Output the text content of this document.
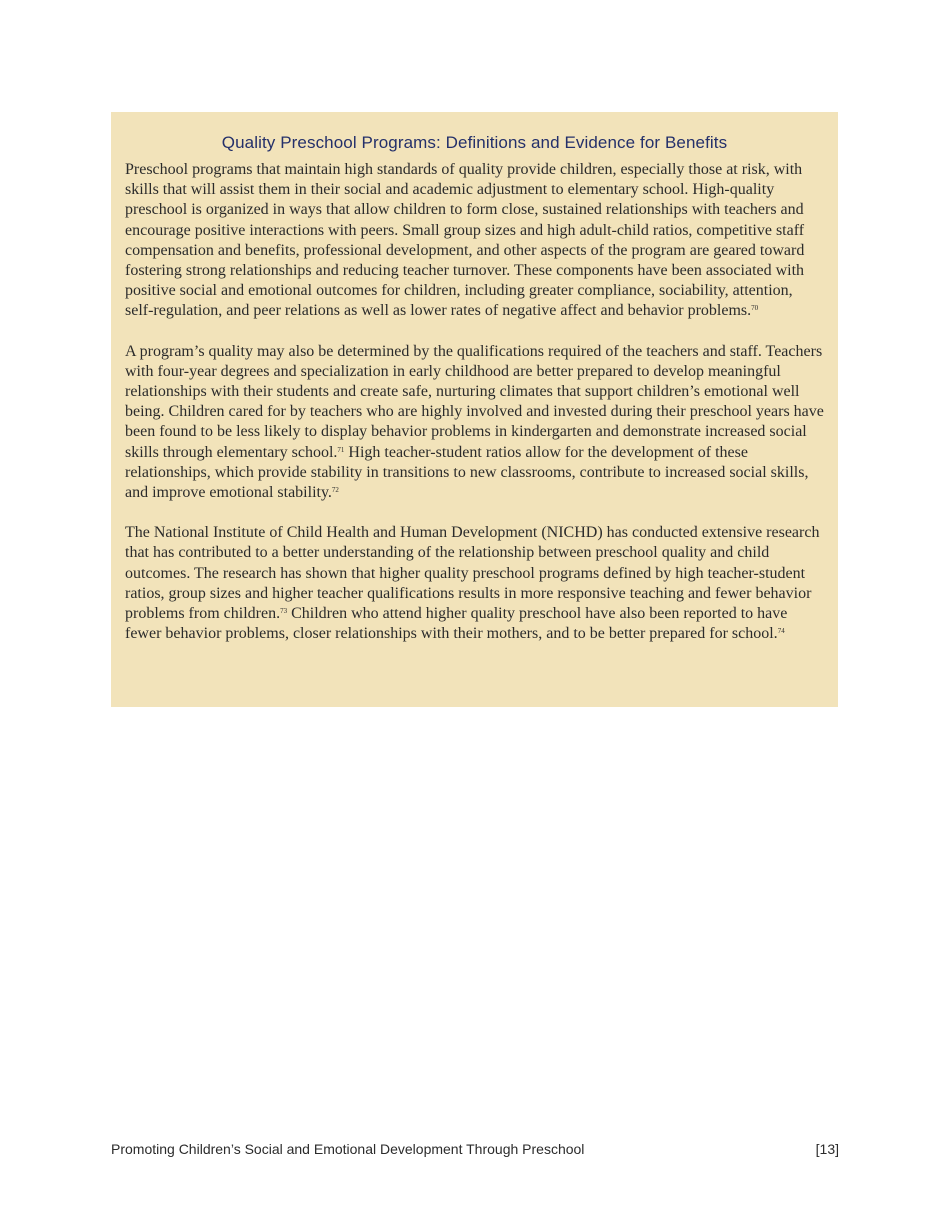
Quality Preschool Programs: Definitions and Evidence for Benefits

Preschool programs that maintain high standards of quality provide children, especially those at risk, with skills that will assist them in their social and academic adjustment to elementary school. High-quality preschool is organized in ways that allow children to form close, sustained relationships with teachers and encourage positive interactions with peers. Small group sizes and high adult-child ratios, competitive staff compensation and benefits, professional development, and other aspects of the program are geared toward fostering strong relationships and reducing teacher turnover. These components have been associated with positive social and emotional outcomes for children, including greater compliance, sociability, attention, self-regulation, and peer relations as well as lower rates of negative affect and behavior problems.$^{70}$

A program’s quality may also be determined by the qualifications required of the teachers and staff. Teachers with four-year degrees and specialization in early childhood are better prepared to develop meaningful relationships with their students and create safe, nurturing climates that support children’s emotional well being. Children cared for by teachers who are highly involved and invested during their preschool years have been found to be less likely to display behavior problems in kindergarten and demonstrate increased social skills through elementary school.$^{71}$ High teacher-student ratios allow for the development of these relationships, which provide stability in transitions to new classrooms, contribute to increased social skills, and improve emotional stability.$^{72}$

The National Institute of Child Health and Human Development (NICHD) has conducted extensive research that has contributed to a better understanding of the relationship between preschool quality and child outcomes. The research has shown that higher quality preschool programs defined by high teacher-student ratios, group sizes and higher teacher qualifications results in more responsive teaching and fewer behavior problems from children.$^{73}$ Children who attend higher quality preschool have also been reported to have fewer behavior problems, closer relationships with their mothers, and to be better prepared for school.$^{74}$

Promoting Children’s Social and Emotional Development Through Preschool	[13]
